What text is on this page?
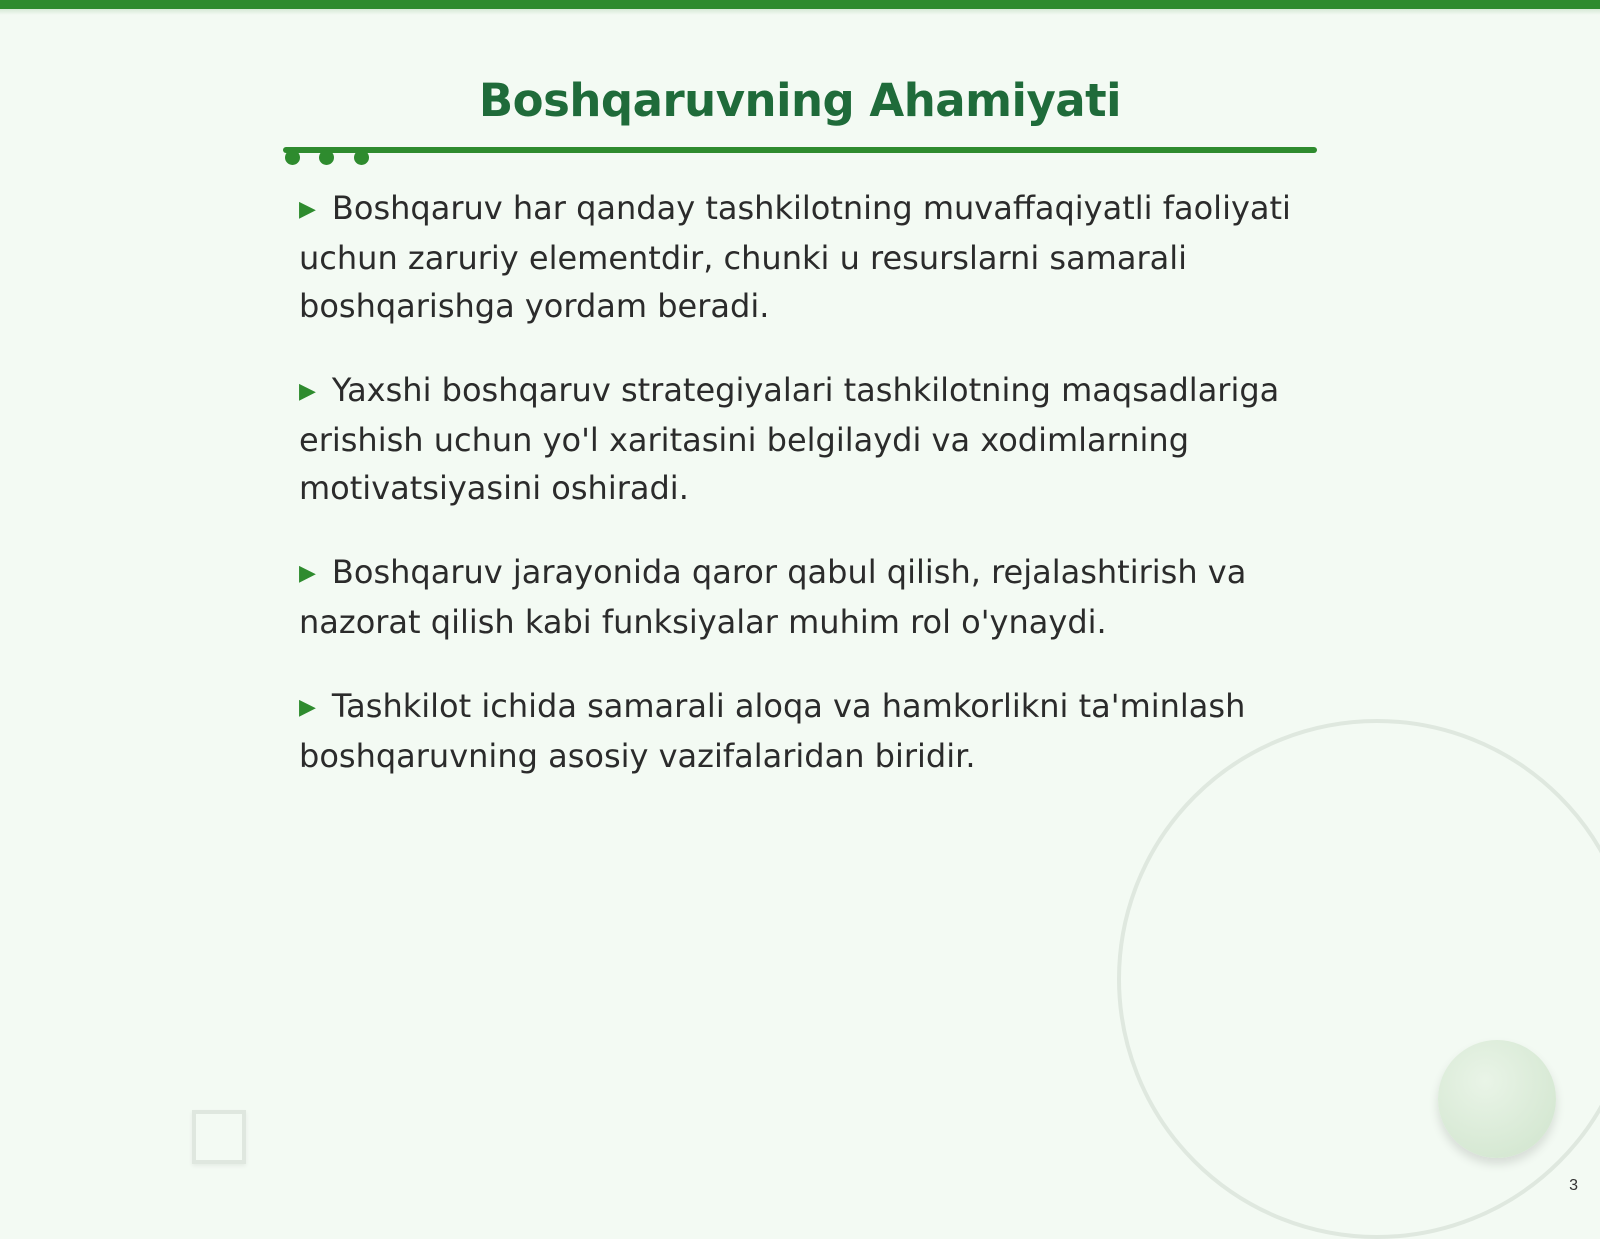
Boshqaruvning Ahamiyati

▶ Boshqaruv har qanday tashkilotning muvaffaqiyatli faoliyati uchun zaruriy elementdir, chunki u resurslarni samarali boshqarishga yordam beradi.

▶ Yaxshi boshqaruv strategiyalari tashkilotning maqsadlariga erishish uchun yo'l xaritasini belgilaydi va xodimlarning motivatsiyasini oshiradi.

▶ Boshqaruv jarayonida qaror qabul qilish, rejalashtirish va nazorat qilish kabi funksiyalar muhim rol o'ynaydi.

▶ Tashkilot ichida samarali aloqa va hamkorlikni ta'minlash boshqaruvning asosiy vazifalaridan biridir.

3
